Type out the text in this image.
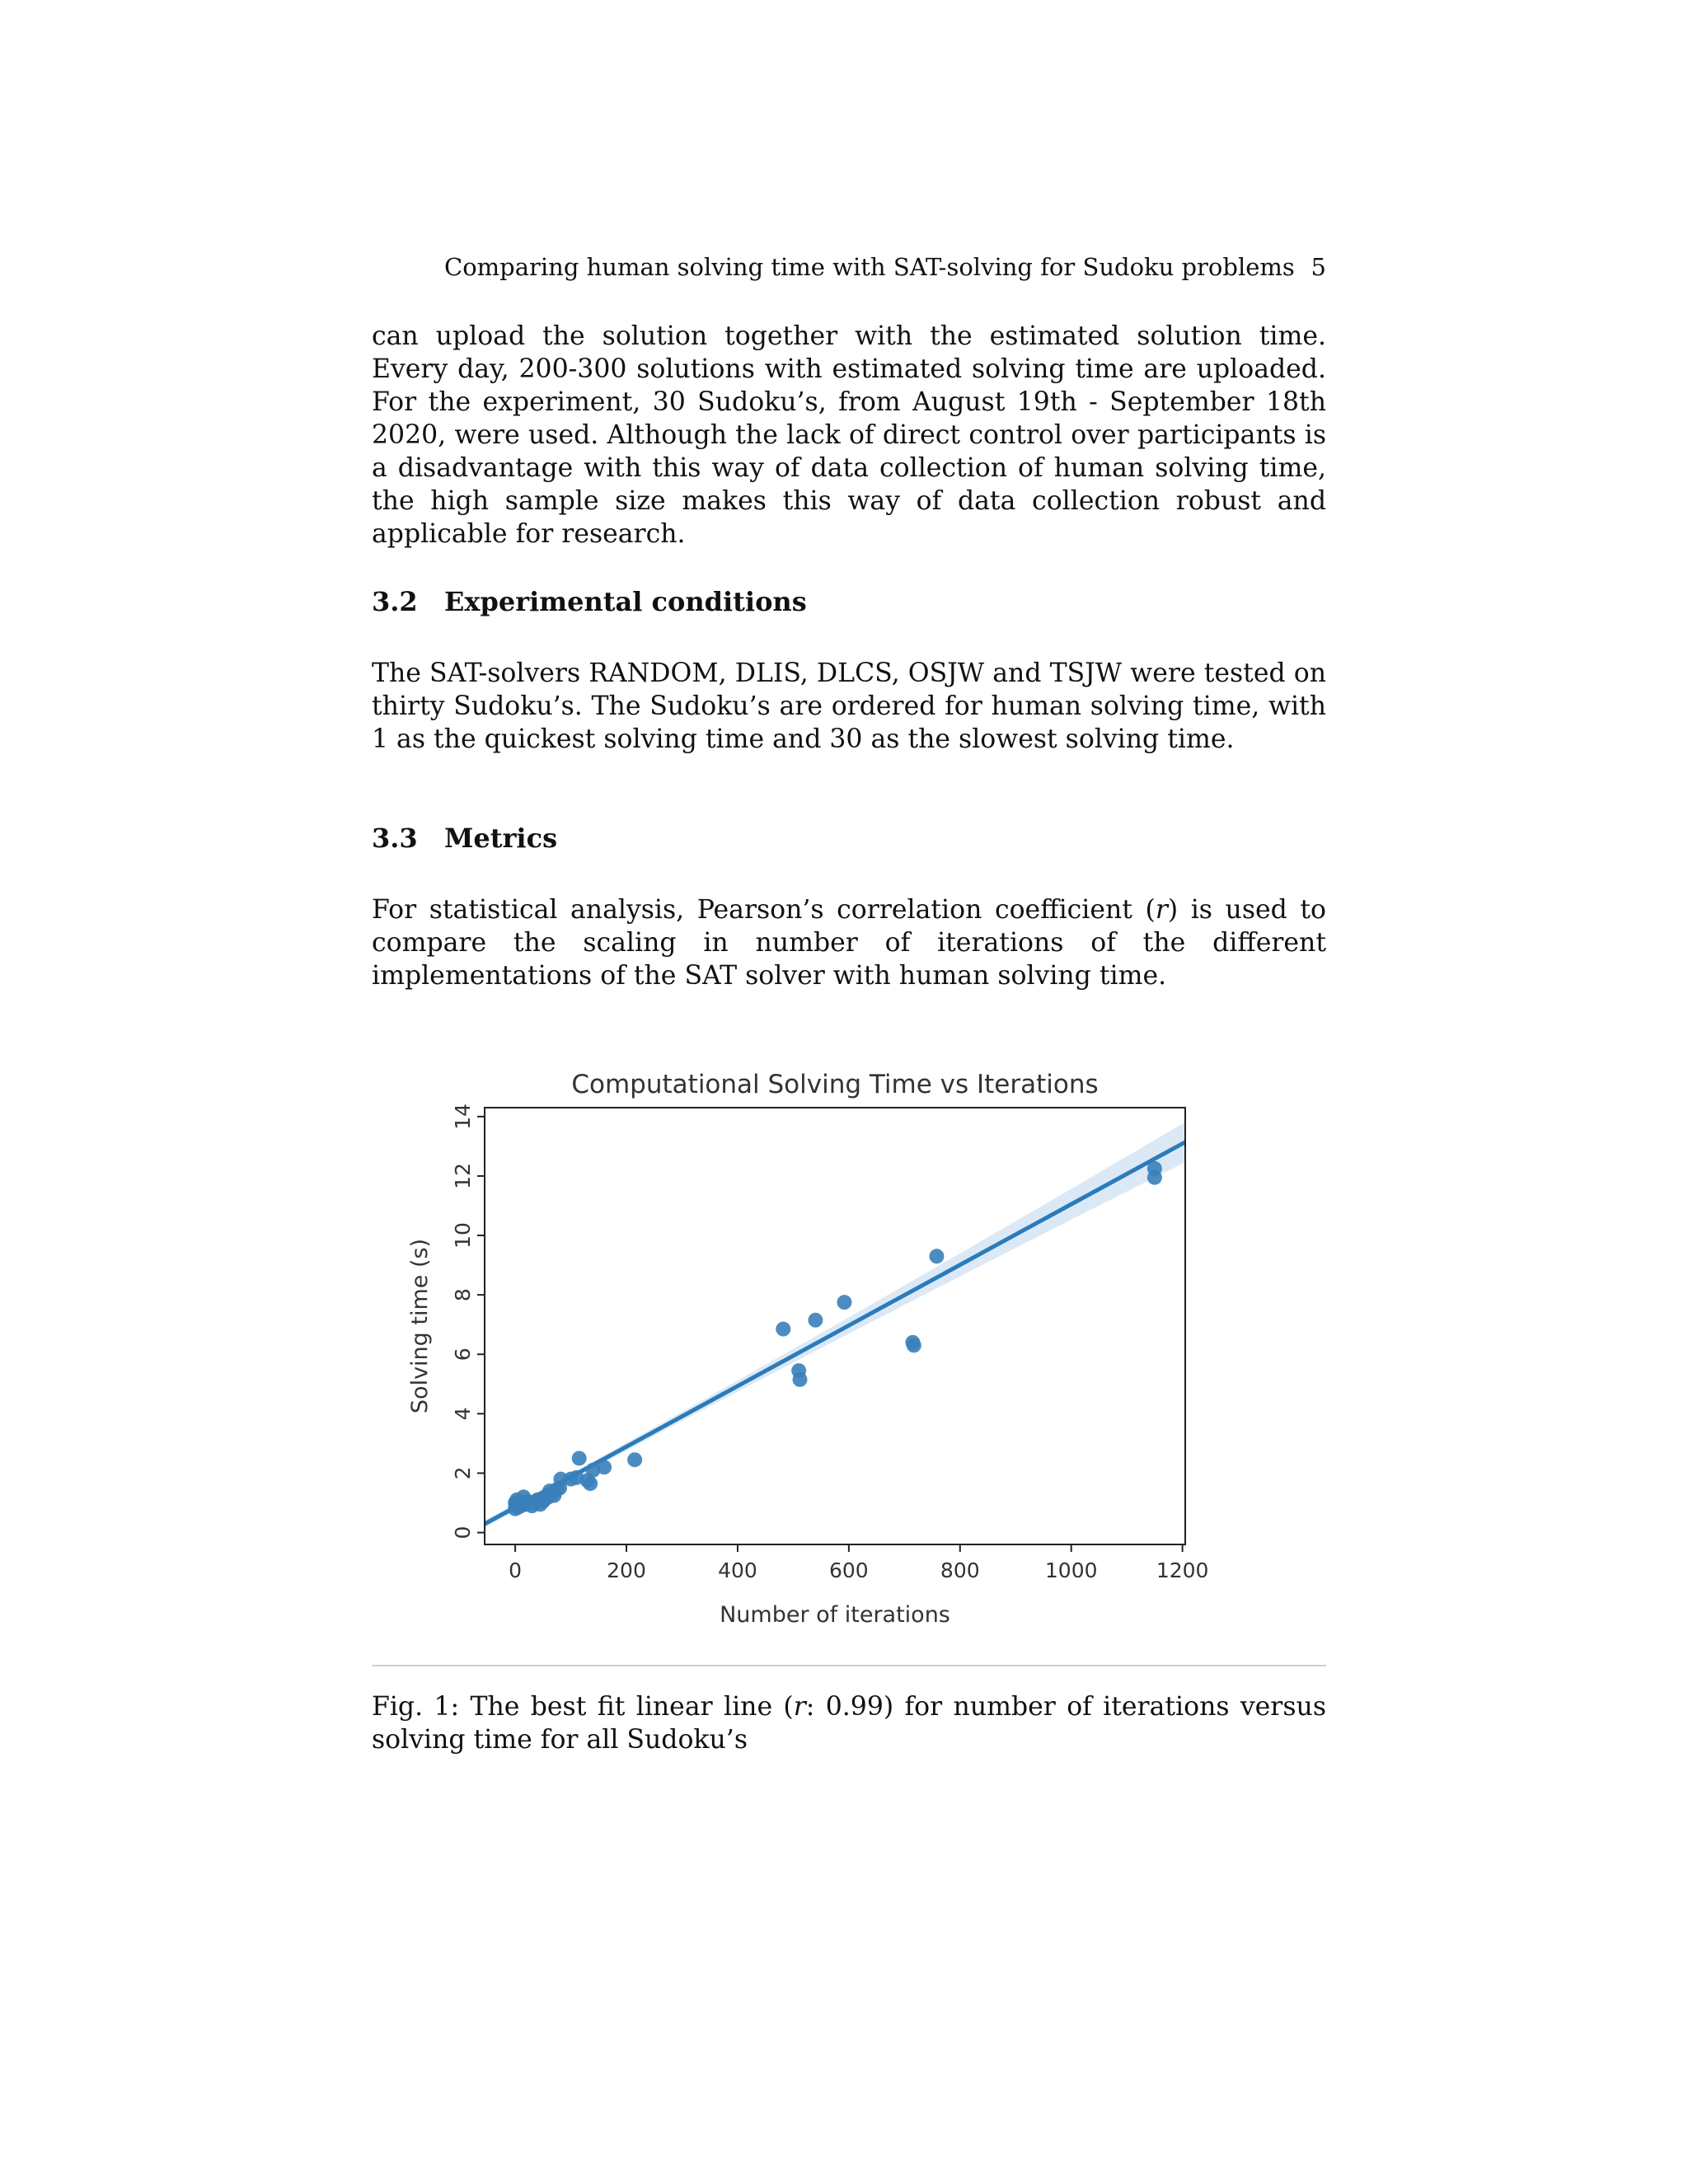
Comparing human solving time with SAT-solving for Sudoku problems 5

can upload the solution together with the estimated solution time. Every day, 200-300 solutions with estimated solving time are uploaded. For the experiment, 30 Sudoku’s, from August 19th - September 18th 2020, were used. Although the lack of direct control over participants is a disadvantage with this way of data collection of human solving time, the high sample size makes this way of data collection robust and applicable for research.

3.2 Experimental conditions

The SAT-solvers RANDOM, DLIS, DLCS, OSJW and TSJW were tested on thirty Sudoku’s. The Sudoku’s are ordered for human solving time, with 1 as the quickest solving time and 30 as the slowest solving time.

3.3 Metrics

For statistical analysis, Pearson’s correlation coefficient (r) is used to compare the scaling in number of iterations of the different implementations of the SAT solver with human solving time.

Computational Solving Time vs Iterations
0	200	400	600	800	1000	1200
0
2
4
6
8
10
12
14
Number of iterations
Solving time (s)

Fig. 1: The best fit linear line (r: 0.99) for number of iterations versus solving time for all Sudoku’s
